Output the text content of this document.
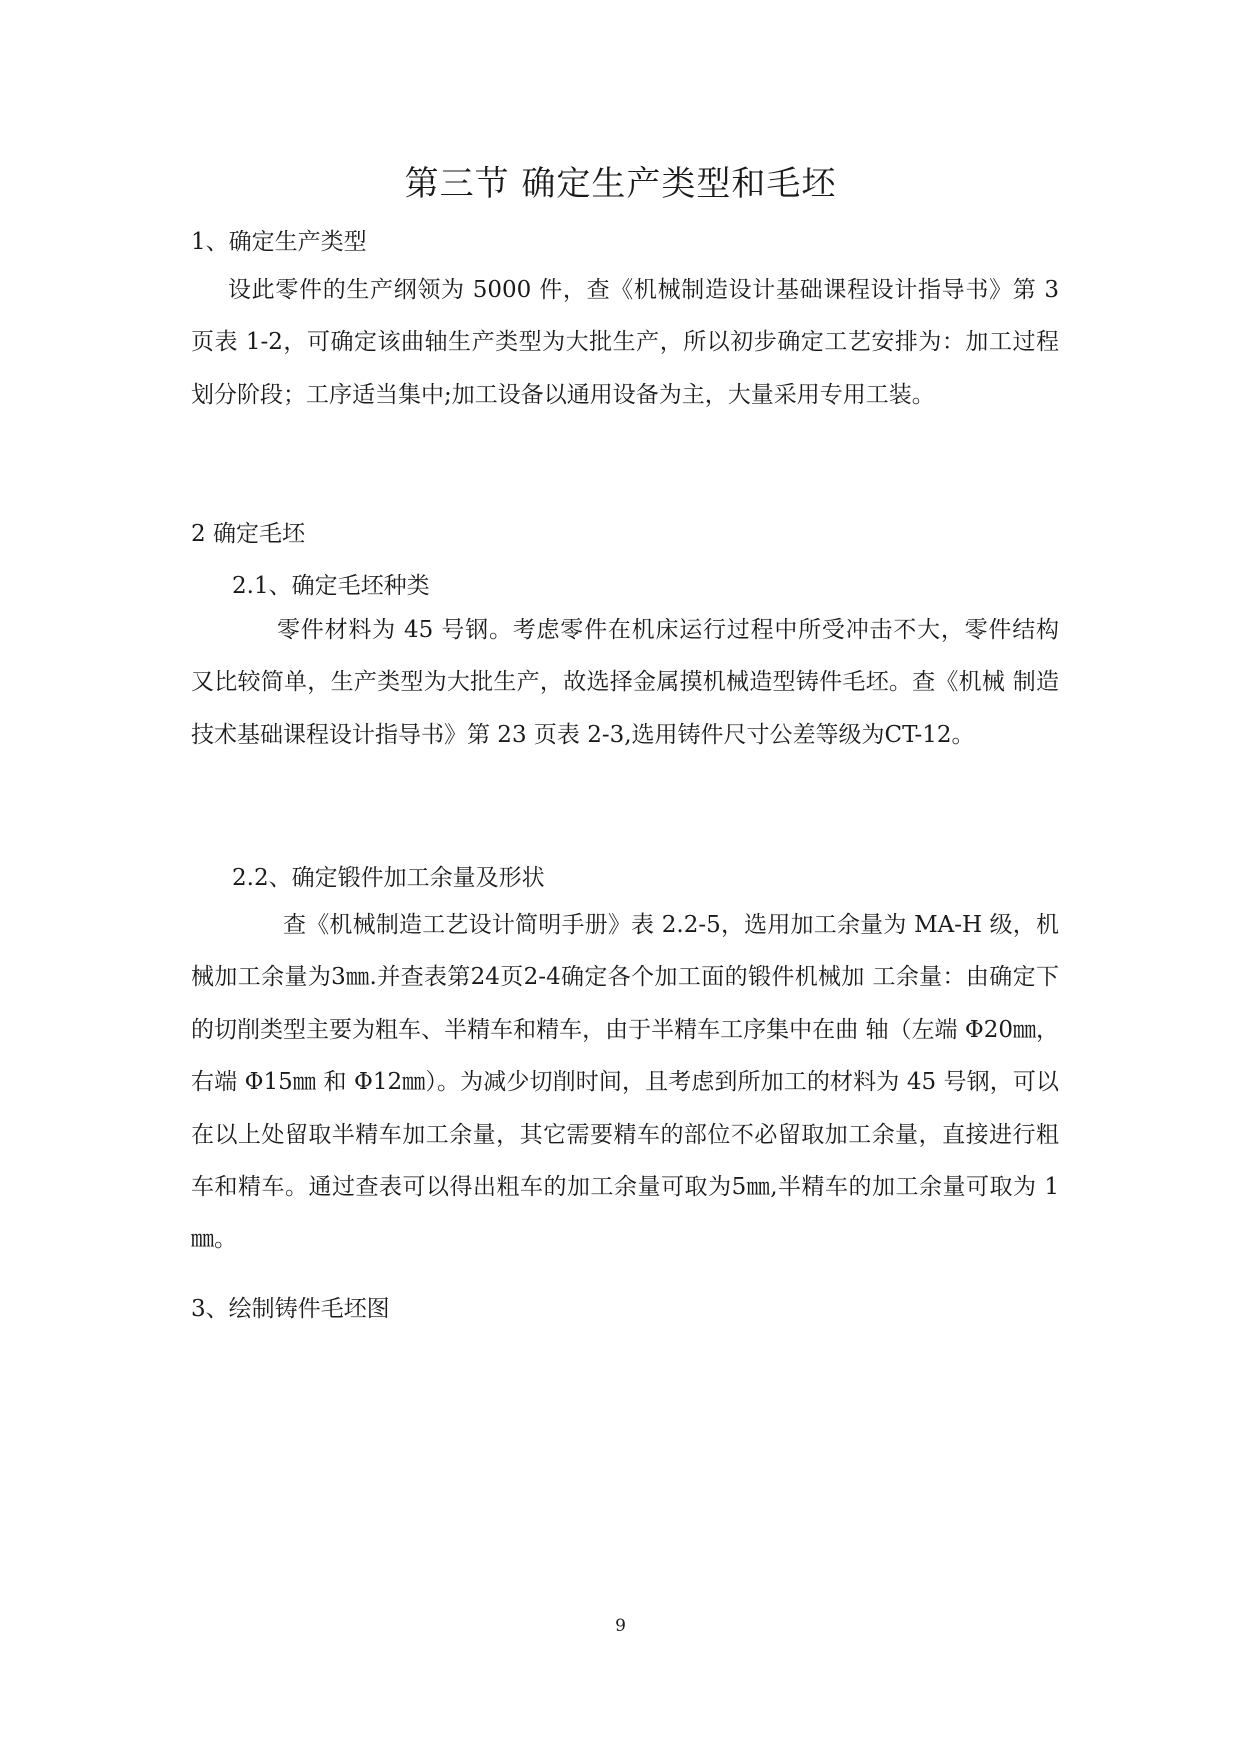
第三节 确定生产类型和毛坯
1、确定生产类型
设此零件的生产纲领为 5000 件，查《机械制造设计基础课程设计指导书》第 3 页表 1-2，可确定该曲轴生产类型为大批生产，所以初步确定工艺安排为：加工过程划分阶段；工序适当集中;加工设备以通用设备为主，大量采用专用工装。
2 确定毛坯
2.1、确定毛坯种类
零件材料为 45 号钢。考虑零件在机床运行过程中所受冲击不大，零件结构 又比较简单，生产类型为大批生产，故选择金属摸机械造型铸件毛坯。查《机械 制造技术基础课程设计指导书》第 23 页表 2-3,选用铸件尺寸公差等级为CT-12。
2.2、确定锻件加工余量及形状
查《机械制造工艺设计简明手册》表 2.2-5，选用加工余量为 MA-H 级，机械加工余量为3㎜.并查表第24页2-4确定各个加工面的锻件机械加 工余量：由确定下的切削类型主要为粗车、半精车和精车，由于半精车工序集中在曲 轴（左端 Φ20㎜，右端 Φ15㎜ 和 Φ12㎜）。为减少切削时间，且考虑到所加工的材料为 45 号钢，可以在以上处留取半精车加工余量，其它需要精车的部位不必留取加工余量，直接进行粗车和精车。通过查表可以得出粗车的加工余量可取为5㎜,半精车的加工余量可取为 1㎜。
3、绘制铸件毛坯图
9
